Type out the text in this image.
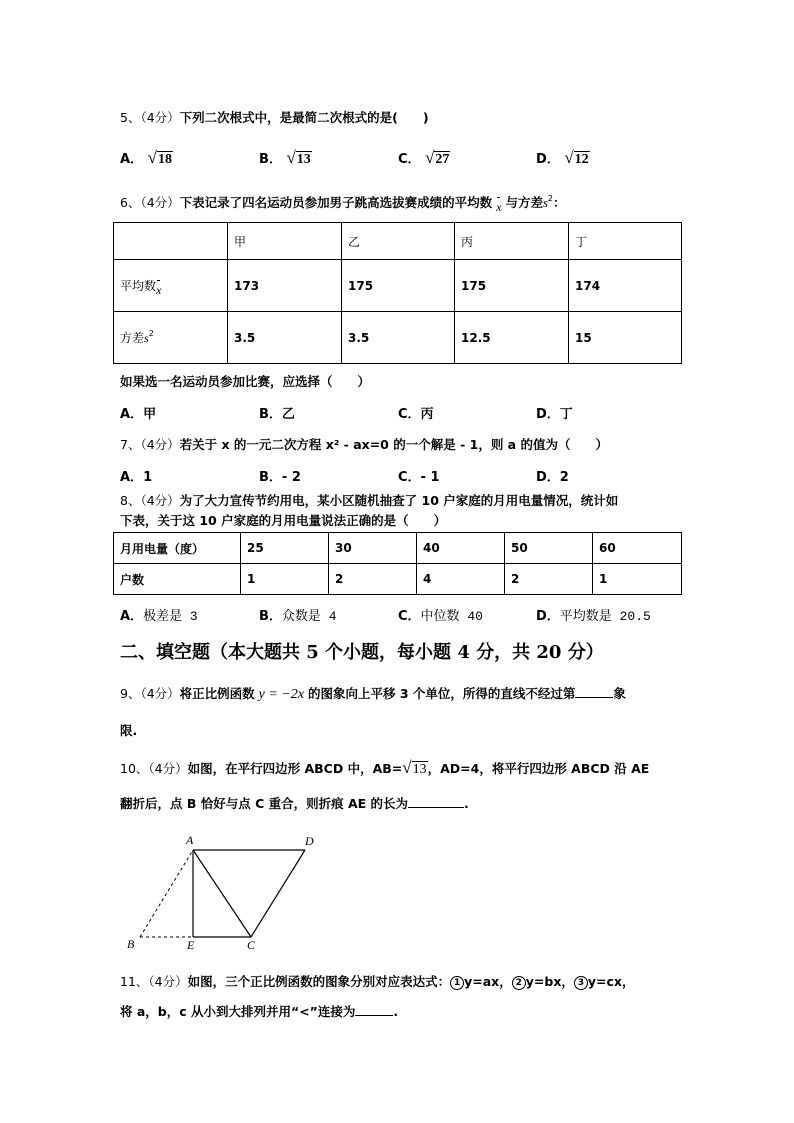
5、（4分）下列二次根式中，是最简二次根式的是(　　)
A． √18	B． √13	C． √27	D． √12
6、（4分）下表记录了四名运动员参加男子跳高选拔赛成绩的平均数 x 与方差$s^2$：
	甲	乙	丙	丁
平均数x	173	175	175	174
方差$s^2$	3.5	3.5	12.5	15
如果选一名运动员参加比赛，应选择（　　）
A．甲	B．乙	C．丙	D．丁
7、（4分）若关于 x 的一元二次方程 x² - ax=0 的一个解是 - 1，则 a 的值为（　　）
A．1	B．- 2	C．- 1	D．2
8、（4分）为了大力宣传节约用电，某小区随机抽查了 10 户家庭的月用电量情况，统计如
下表，关于这 10 户家庭的月用电量说法正确的是（　　）
月用电量（度）	25	30	40	50	60
户数	1	2	4	2	1
A．极差是 3	B．众数是 4	C．中位数 40	D．平均数是 20.5
二、填空题（本大题共 5 个小题，每小题 4 分，共 20 分）
9、（4分）将正比例函数 y = −2x 的图象向上平移 3 个单位，所得的直线不经过第	象
限.
10、（4分）如图，在平行四边形 ABCD 中，AB=√13，AD=4，将平行四边形 ABCD 沿 AE
翻折后，点 B 恰好与点 C 重合，则折痕 AE 的长为	.
A	D
B	E	C
11、（4分）如图，三个正比例函数的图象分别对应表达式： 1 y=ax， 2 y=bx， 3 y=cx，
将 a，b，c 从小到大排列并用“<”连接为	.
